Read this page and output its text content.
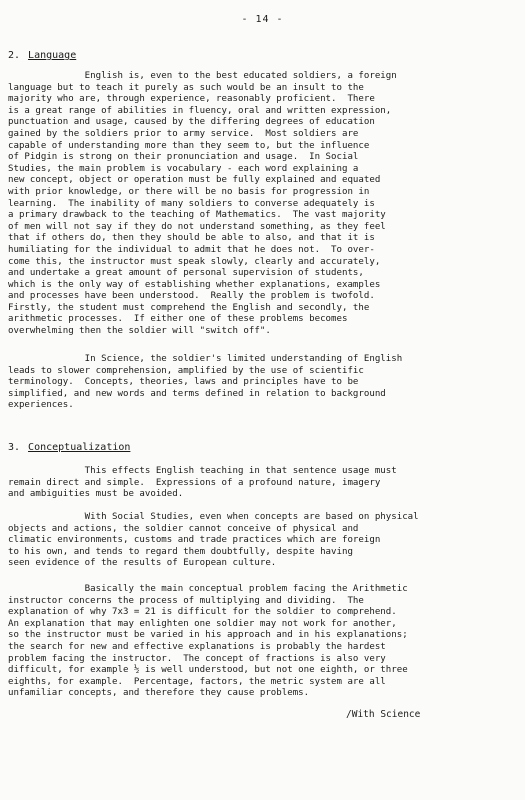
- 14 -
2. Language
English is, even to the best educated soldiers, a foreign
language but to teach it purely as such would be an insult to the
majority who are, through experience, reasonably proficient.  There
is a great range of abilities in fluency, oral and written expression,
punctuation and usage, caused by the differing degrees of education
gained by the soldiers prior to army service.  Most soldiers are
capable of understanding more than they seem to, but the influence
of Pidgin is strong on their pronunciation and usage.  In Social
Studies, the main problem is vocabulary - each word explaining a
new concept, object or operation must be fully explained and equated
with prior knowledge, or there will be no basis for progression in
learning.  The inability of many soldiers to converse adequately is
a primary drawback to the teaching of Mathematics.  The vast majority
of men will not say if they do not understand something, as they feel
that if others do, then they should be able to also, and that it is
humiliating for the individual to admit that he does not.  To over-
come this, the instructor must speak slowly, clearly and accurately,
and undertake a great amount of personal supervision of students,
which is the only way of establishing whether explanations, examples
and processes have been understood.  Really the problem is twofold.
Firstly, the student must comprehend the English and secondly, the
arithmetic processes.  If either one of these problems becomes
overwhelming then the soldier will "switch off".
In Science, the soldier's limited understanding of English
leads to slower comprehension, amplified by the use of scientific
terminology.  Concepts, theories, laws and principles have to be
simplified, and new words and terms defined in relation to background
experiences.
3. Conceptualization
This effects English teaching in that sentence usage must
remain direct and simple.  Expressions of a profound nature, imagery
and ambiguities must be avoided.
With Social Studies, even when concepts are based on physical
objects and actions, the soldier cannot conceive of physical and
climatic environments, customs and trade practices which are foreign
to his own, and tends to regard them doubtfully, despite having
seen evidence of the results of European culture.
Basically the main conceptual problem facing the Arithmetic
instructor concerns the process of multiplying and dividing.  The
explanation of why 7x3 = 21 is difficult for the soldier to comprehend.
An explanation that may enlighten one soldier may not work for another,
so the instructor must be varied in his approach and in his explanations;
the search for new and effective explanations is probably the hardest
problem facing the instructor.  The concept of fractions is also very
difficult, for example ½ is well understood, but not one eighth, or three
eighths, for example.  Percentage, factors, the metric system are all
unfamiliar concepts, and therefore they cause problems.
/With Science
